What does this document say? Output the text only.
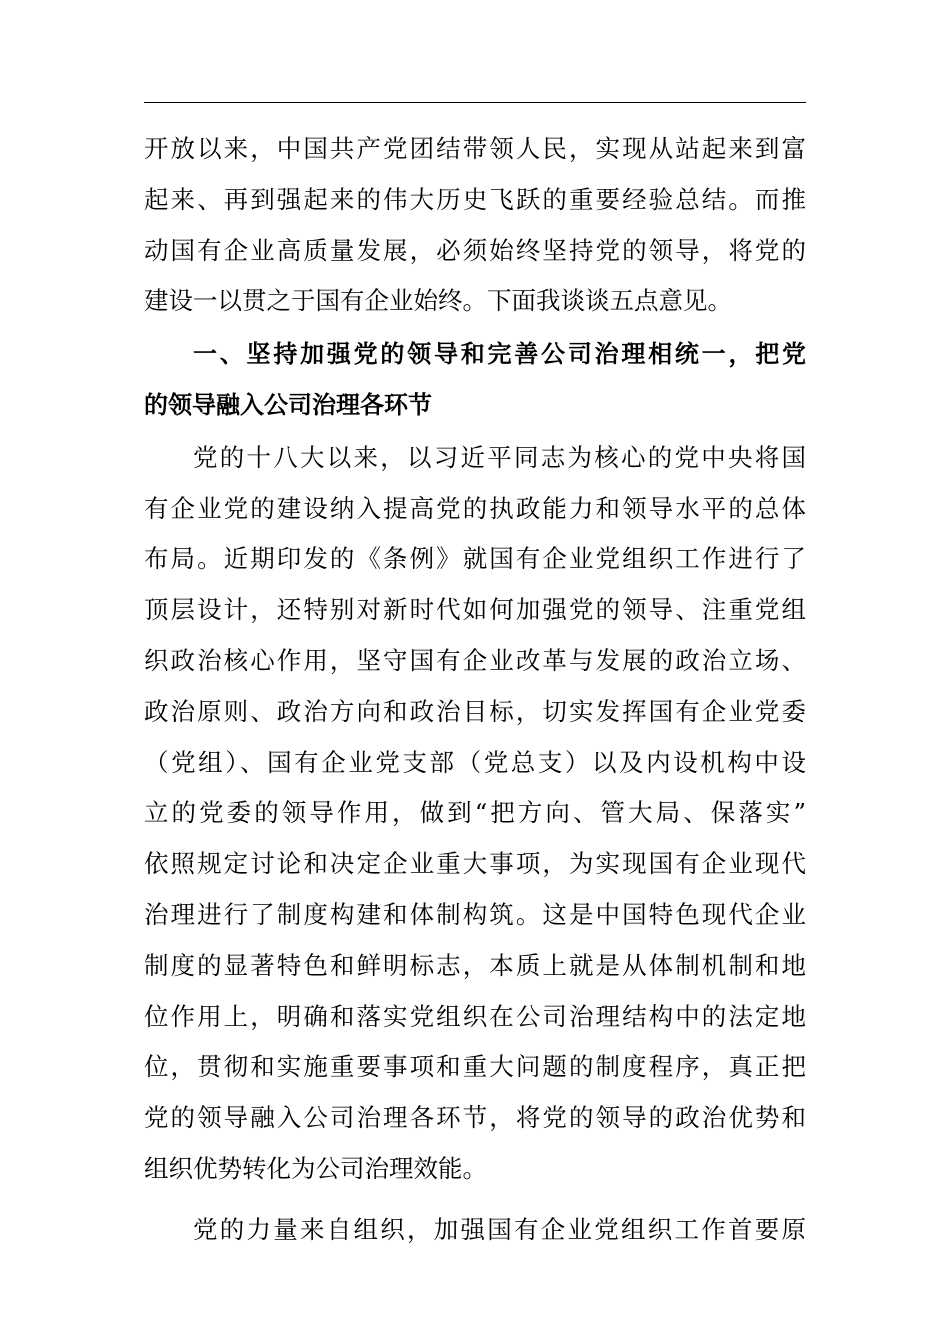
开放以来，中国共产党团结带领人民，实现从站起来到富
起来、再到强起来的伟大历史飞跃的重要经验总结。而推
动国有企业高质量发展，必须始终坚持党的领导，将党的
建设一以贯之于国有企业始终。下面我谈谈五点意见。
一、坚持加强党的领导和完善公司治理相统一，把党
的领导融入公司治理各环节
党的十八大以来，以习近平同志为核心的党中央将国
有企业党的建设纳入提高党的执政能力和领导水平的总体
布局。近期印发的《条例》就国有企业党组织工作进行了
顶层设计，还特别对新时代如何加强党的领导、注重党组
织政治核心作用，坚守国有企业改革与发展的政治立场、
政治原则、政治方向和政治目标，切实发挥国有企业党委
（党组）、国有企业党支部（党总支）以及内设机构中设
立的党委的领导作用，做到“把方向、管大局、保落实”
依照规定讨论和决定企业重大事项，为实现国有企业现代
治理进行了制度构建和体制构筑。这是中国特色现代企业
制度的显著特色和鲜明标志，本质上就是从体制机制和地
位作用上，明确和落实党组织在公司治理结构中的法定地
位，贯彻和实施重要事项和重大问题的制度程序，真正把
党的领导融入公司治理各环节，将党的领导的政治优势和
组织优势转化为公司治理效能。
党的力量来自组织，加强国有企业党组织工作首要原
